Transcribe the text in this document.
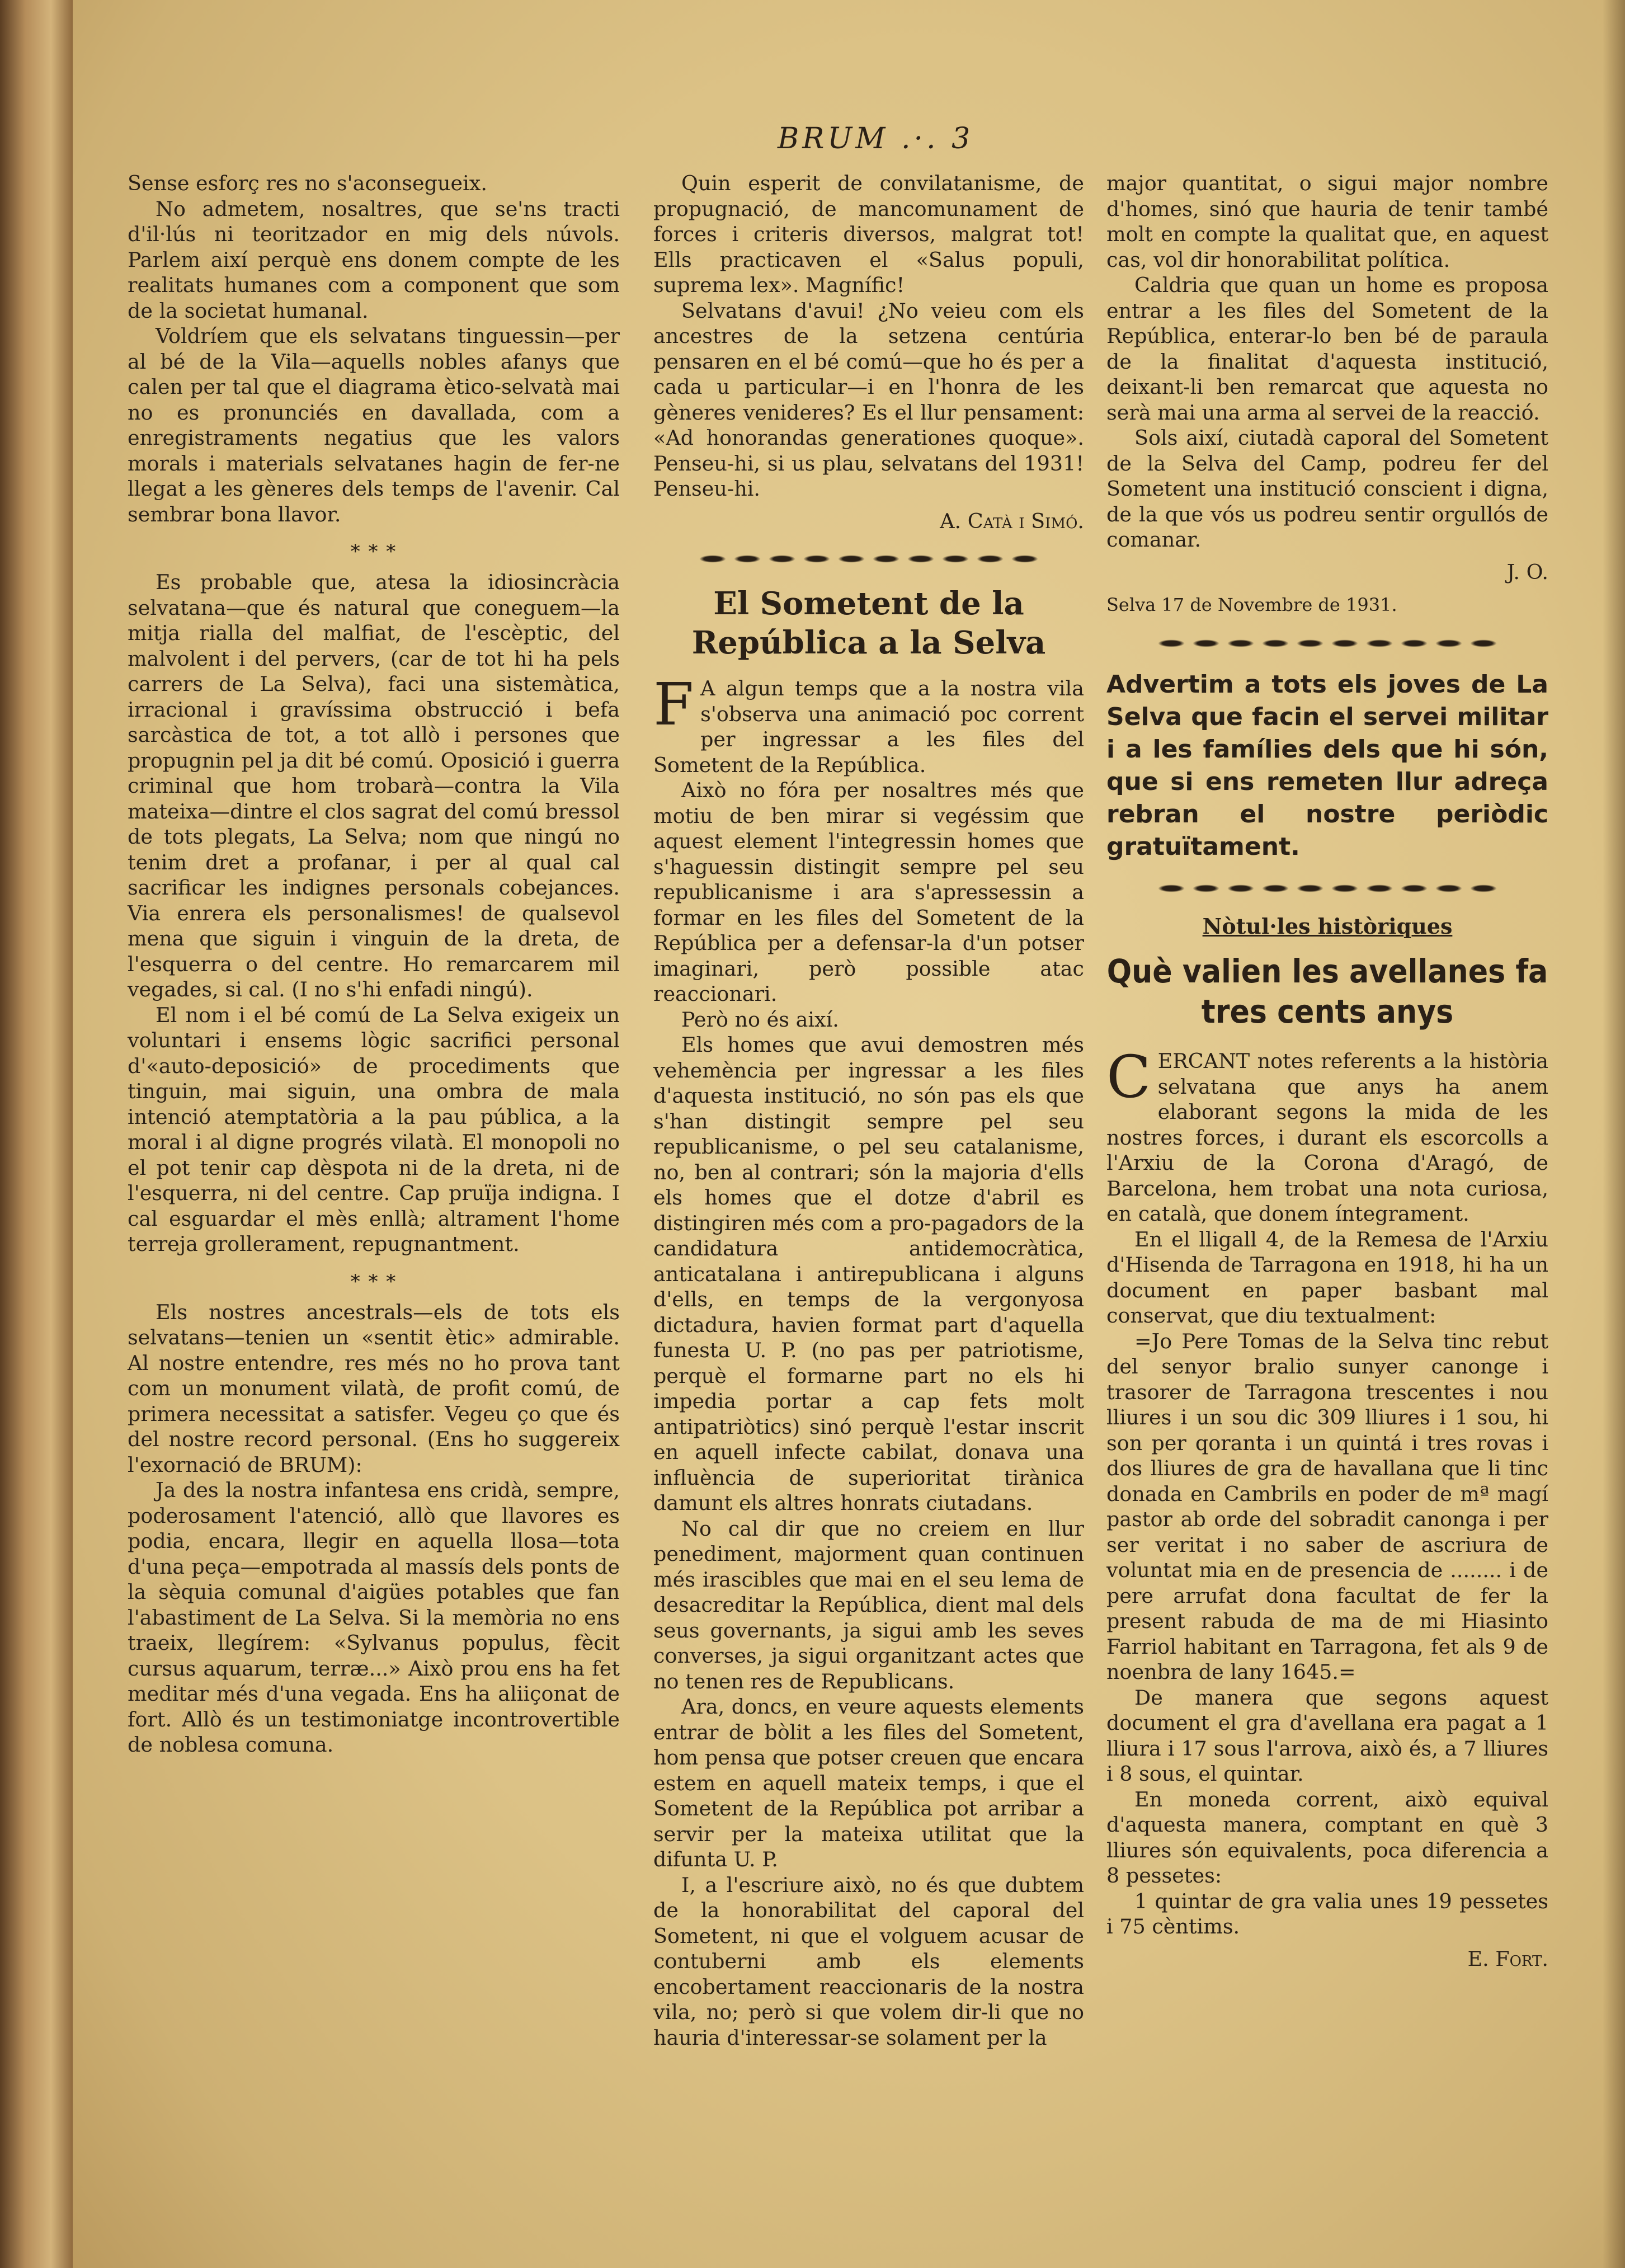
BRUM .·. 3

Sense esforç res no s'aconsegueix.

No admetem, nosaltres, que se'ns tracti d'il·lús ni teoritzador en mig dels núvols. Parlem així perquè ens donem compte de les realitats humanes com a component que som de la societat humanal.

Voldríem que els selvatans tinguessin—per al bé de la Vila—aquells nobles afanys que calen per tal que el diagrama ètico-selvatà mai no es pronunciés en davallada, com a enregistraments negatius que les valors morals i materials selvatanes hagin de fer-ne llegat a les gèneres dels temps de l'avenir. Cal sembrar bona llavor.

* * *

Es probable que, atesa la idiosincràcia selvatana—que és natural que coneguem—la mitja rialla del malfiat, de l'escèptic, del malvolent i del pervers, (car de tot hi ha pels carrers de La Selva), faci una sistemàtica, irracional i gravíssima obstrucció i befa sarcàstica de tot, a tot allò i persones que propugnin pel ja dit bé comú. Oposició i guerra criminal que hom trobarà—contra la Vila mateixa—dintre el clos sagrat del comú bressol de tots plegats, La Selva; nom que ningú no tenim dret a profanar, i per al qual cal sacrificar les indignes personals cobejances. Via enrera els personalismes! de qualsevol mena que siguin i vinguin de la dreta, de l'esquerra o del centre. Ho remarcarem mil vegades, si cal. (I no s'hi enfadi ningú).

El nom i el bé comú de La Selva exigeix un voluntari i ensems lògic sacrifici personal d'«auto-deposició» de procediments que tinguin, mai siguin, una ombra de mala intenció atemptatòria a la pau pública, a la moral i al digne progrés vilatà. El monopoli no el pot tenir cap dèspota ni de la dreta, ni de l'esquerra, ni del centre. Cap pruïja indigna. I cal esguardar el mès enllà; altrament l'home terreja grollerament, repugnantment.

* * *

Els nostres ancestrals—els de tots els selvatans—tenien un «sentit ètic» admirable. Al nostre entendre, res més no ho prova tant com un monument vilatà, de profit comú, de primera necessitat a satisfer. Vegeu ço que és del nostre record personal. (Ens ho suggereix l'exornació de BRUM):

Ja des la nostra infantesa ens cridà, sempre, poderosament l'atenció, allò que llavores es podia, encara, llegir en aquella llosa—tota d'una peça—empotrada al massís dels ponts de la sèquia comunal d'aigües potables que fan l'abastiment de La Selva. Si la memòria no ens traeix, llegírem: «Sylvanus populus, fècit cursus aquarum, terræ...» Això prou ens ha fet meditar més d'una vegada. Ens ha aliiçonat de fort. Allò és un testimoniatge incontrovertible de noblesa comuna.

Quin esperit de convilatanisme, de propugnació, de mancomunament de forces i criteris diversos, malgrat tot! Ells practicaven el «Salus populi, suprema lex». Magnífic!

Selvatans d'avui! ¿No veieu com els ancestres de la setzena centúria pensaren en el bé comú—que ho és per a cada u particular—i en l'honra de les gèneres venideres? Es el llur pensament: «Ad honorandas generationes quoque». Penseu-hi, si us plau, selvatans del 1931! Penseu-hi.

A. Catà i Simó.
El Sometent de la República a la Selva

F A algun temps que a la nostra vila s'observa una animació poc corrent per ingressar a les files del Sometent de la República.

Això no fóra per nosaltres més que motiu de ben mirar si vegéssim que aquest element l'integressin homes que s'haguessin distingit sempre pel seu republicanisme i ara s'apressessin a formar en les files del Sometent de la República per a defensar-la d'un potser imaginari, però possible atac reaccionari.

Però no és així.

Els homes que avui demostren més vehemència per ingressar a les files d'aquesta institució, no són pas els que s'han distingit sempre pel seu republicanisme, o pel seu catalanisme, no, ben al contrari; són la majoria d'ells els homes que el dotze d'abril es distingiren més com a pro-pagadors de la candidatura antidemocràtica, anticatalana i antirepublicana i alguns d'ells, en temps de la vergonyosa dictadura, havien format part d'aquella funesta U. P. (no pas per patriotisme, perquè el formarne part no els hi impedia portar a cap fets molt antipatriòtics) sinó perquè l'estar inscrit en aquell infecte cabilat, donava una influència de superioritat tirànica damunt els altres honrats ciutadans.

No cal dir que no creiem en llur penediment, majorment quan continuen més irascibles que mai en el seu lema de desacreditar la República, dient mal dels seus governants, ja sigui amb les seves converses, ja sigui organitzant actes que no tenen res de Republicans.

Ara, doncs, en veure aquests elements entrar de bòlit a les files del Sometent, hom pensa que potser creuen que encara estem en aquell mateix temps, i que el Sometent de la República pot arribar a servir per la mateixa utilitat que la difunta U. P.

I, a l'escriure això, no és que dubtem de la honorabilitat del caporal del Sometent, ni que el volguem acusar de contuberni amb els elements encobertament reaccionaris de la nostra vila, no; però si que volem dir-li que no hauria d'interessar-se solament per la

major quantitat, o sigui major nombre d'homes, sinó que hauria de tenir també molt en compte la qualitat que, en aquest cas, vol dir honorabilitat política.

Caldria que quan un home es proposa entrar a les files del Sometent de la República, enterar-lo ben bé de paraula de la finalitat d'aquesta institució, deixant-li ben remarcat que aquesta no serà mai una arma al servei de la reacció.

Sols així, ciutadà caporal del Sometent de la Selva del Camp, podreu fer del Sometent una institució conscient i digna, de la que vós us podreu sentir orgullós de comanar.

J. O.
Selva 17 de Novembre de 1931.
Advertim a tots els joves de La Selva que facin el servei militar i a les famílies dels que hi són, que si ens remeten llur adreça rebran el nostre periòdic gratuïtament.
Nòtul·les històriques
Què valien les avellanes fa tres cents anys

CERCANT notes referents a la història selvatana que anys ha anem elaborant segons la mida de les nostres forces, i durant els escorcolls a l'Arxiu de la Corona d'Aragó, de Barcelona, hem trobat una nota curiosa, en català, que donem íntegrament.

En el lligall 4, de la Remesa de l'Arxiu d'Hisenda de Tarragona en 1918, hi ha un document en paper basbant mal conservat, que diu textualment:

=Jo Pere Tomas de la Selva tinc rebut del senyor bralio sunyer canonge i trasorer de Tarragona trescentes i nou lliures i un sou dic 309 lliures i 1 sou, hi son per qoranta i un quintá i tres rovas i dos lliures de gra de havallana que li tinc donada en Cambrils en poder de mª magí pastor ab orde del sobradit canonga i per ser veritat i no saber de ascriura de voluntat mia en de presencia de ........ i de pere arrufat dona facultat de fer la present rabuda de ma de mi Hiasinto Farriol habitant en Tarragona, fet als 9 de noenbra de lany 1645.=

De manera que segons aquest document el gra d'avellana era pagat a 1 lliura i 17 sous l'arrova, això és, a 7 lliures i 8 sous, el quintar.

En moneda corrent, això equival d'aquesta manera, comptant en què 3 lliures són equivalents, poca diferencia a 8 pessetes:

1 quintar de gra valia unes 19 pessetes i 75 cèntims.

E. Fort.
